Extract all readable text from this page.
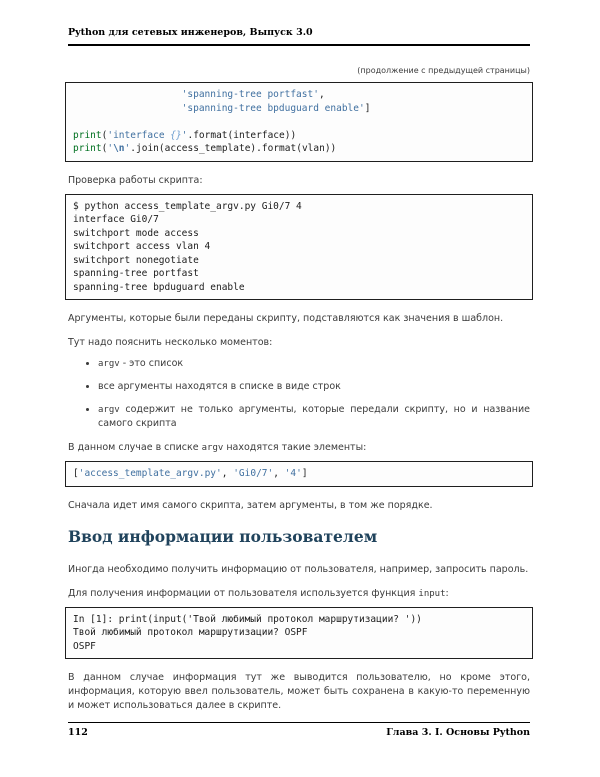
Python для сетевых инженеров, Выпуск 3.0
(продолжение с предыдущей страницы)
'spanning-tree portfast',
'spanning-tree bpduguard enable']

print('interface {}'.format(interface))
print('\n'.join(access_template).format(vlan))

Проверка работы скрипта:

$ python access_template_argv.py Gi0/7 4
interface Gi0/7
switchport mode access
switchport access vlan 4
switchport nonegotiate
spanning-tree portfast
spanning-tree bpduguard enable

Аргументы, которые были переданы скрипту, подставляются как значения в шаблон.

Тут надо пояснить несколько моментов:

• argv - это список
• все аргументы находятся в списке в виде строк
• argv содержит не только аргументы, которые передали скрипту, но и название самого скрипта

В данном случае в списке argv находятся такие элементы:

['access_template_argv.py', 'Gi0/7', '4']

Сначала идет имя самого скрипта, затем аргументы, в том же порядке.

Ввод информации пользователем

Иногда необходимо получить информацию от пользователя, например, запросить пароль.

Для получения информации от пользователя используется функция input:

In [1]: print(input('Твой любимый протокол маршрутизации? '))
Твой любимый протокол маршрутизации? OSPF
OSPF

В данном случае информация тут же выводится пользователю, но кроме этого, информация, которую ввел пользователь, может быть сохранена в какую-то переменную и может использоваться далее в скрипте.

112	Глава 3. I. Основы Python
